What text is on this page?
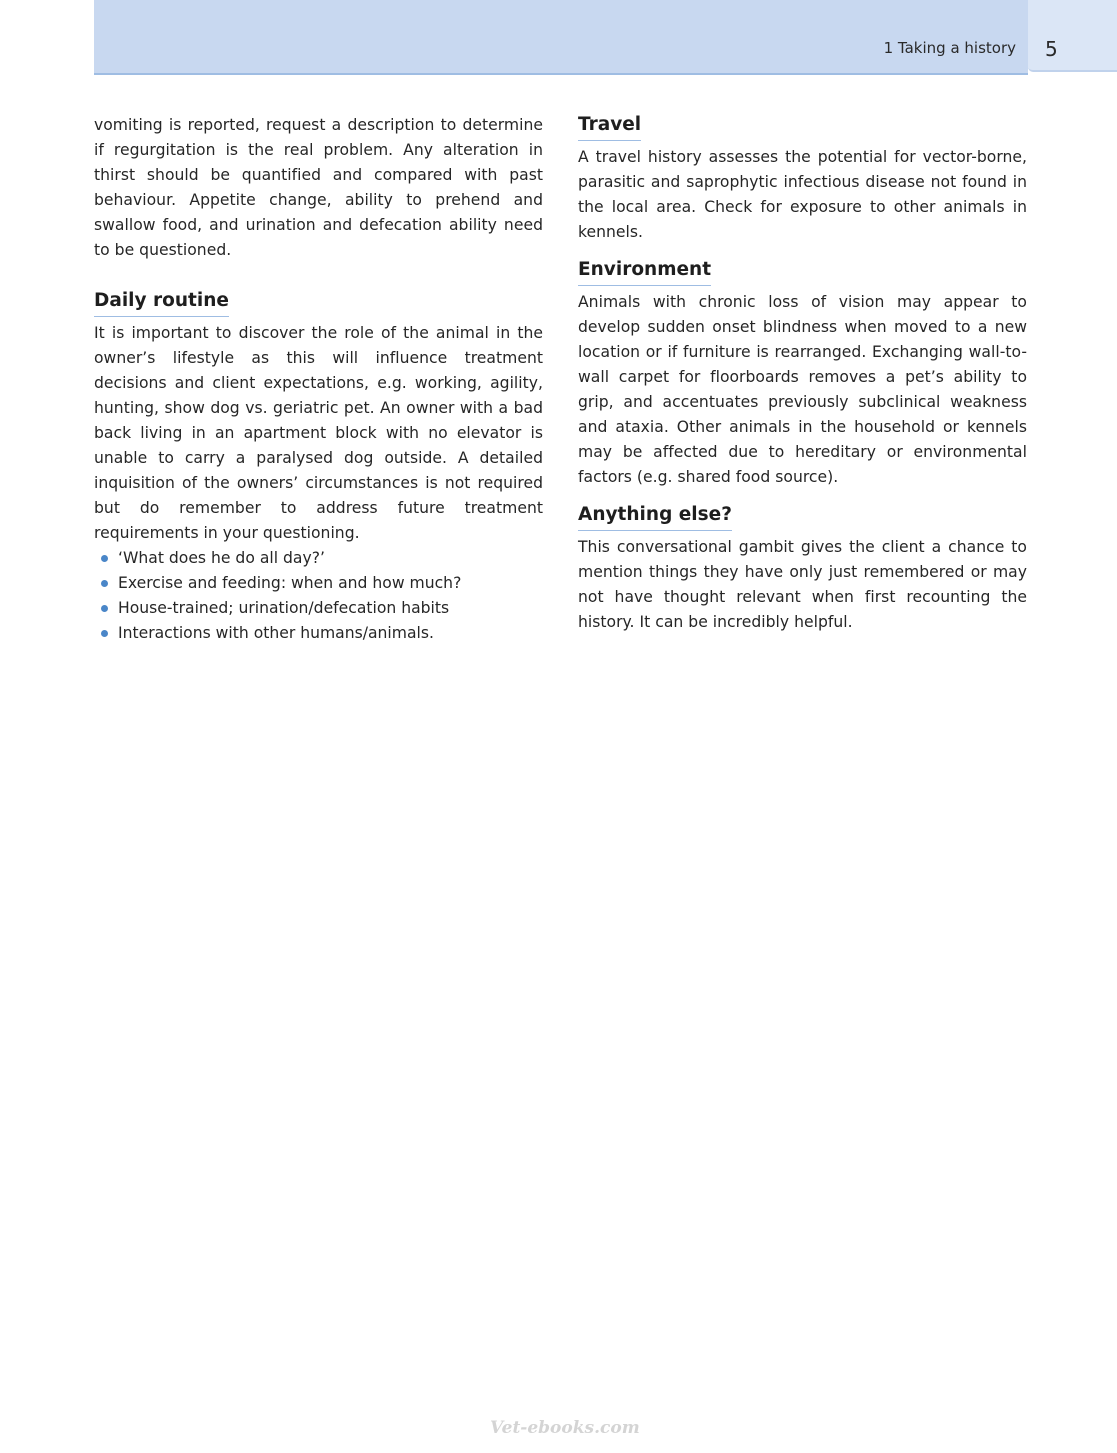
1 Taking a history 5

vomiting is reported, request a description to determine if regurgitation is the real problem. Any alteration in thirst should be quantified and compared with past behaviour. Appetite change, ability to prehend and swallow food, and urination and defecation ability need to be questioned.

Daily routine

It is important to discover the role of the animal in the owner’s lifestyle as this will influence treatment decisions and client expectations, e.g. working, agility, hunting, show dog vs. geriatric pet. An owner with a bad back living in an apartment block with no elevator is unable to carry a paralysed dog outside. A detailed inquisition of the owners’ circumstances is not required but do remember to address future treatment requirements in your questioning.

‘What does he do all day?’
Exercise and feeding: when and how much?
House-trained; urination/defecation habits
Interactions with other humans/animals.
Travel

A travel history assesses the potential for vector-borne, parasitic and saprophytic infectious disease not found in the local area. Check for exposure to other animals in kennels.

Environment

Animals with chronic loss of vision may appear to develop sudden onset blindness when moved to a new location or if furniture is rearranged. Exchanging wall-to-wall carpet for floorboards removes a pet’s ability to grip, and accentuates previously subclinical weakness and ataxia. Other animals in the household or kennels may be affected due to hereditary or environmental factors (e.g. shared food source).

Anything else?

This conversational gambit gives the client a chance to mention things they have only just remembered or may not have thought relevant when first recounting the history. It can be incredibly helpful.

Vet-ebooks.com
